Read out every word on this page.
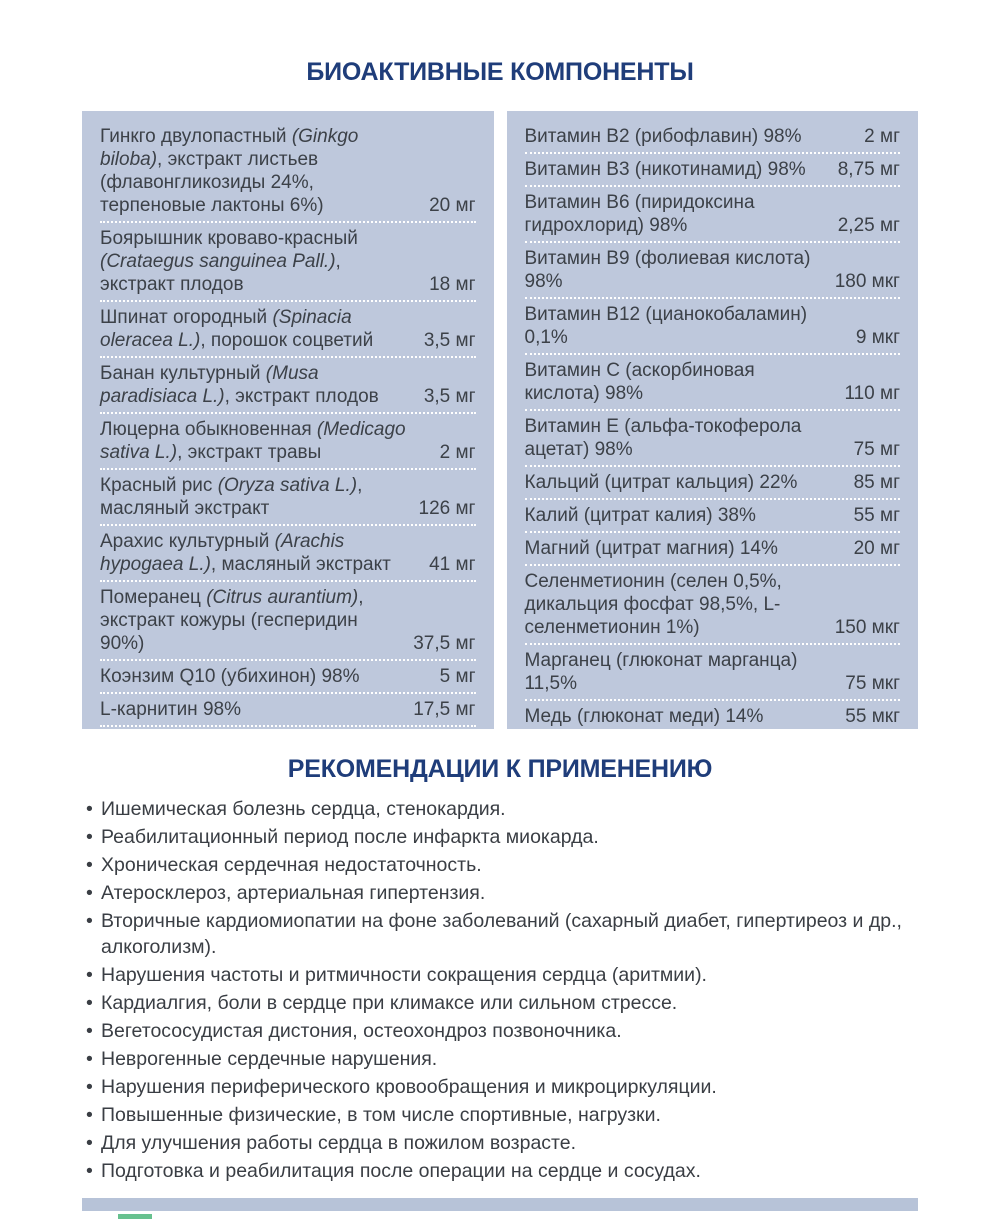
БИОАКТИВНЫЕ КОМПОНЕНТЫ
Гинкго двулопастный (Ginkgo biloba), экстракт листьев (флавонгликозиды 24%, терпеновые лактоны 6%)	20 мг
Боярышник кроваво-красный (Crataegus sanguinea Pall.), экстракт плодов	18 мг
Шпинат огородный (Spinacia oleracea L.), порошок соцветий	3,5 мг
Банан культурный (Musa paradisiaca L.), экстракт плодов	3,5 мг
Люцерна обыкновенная (Medicago sativa L.), экстракт травы	2 мг
Красный рис (Oryza sativa L.), масляный экстракт	126 мг
Арахис культурный (Arachis hypogaea L.), масляный экстракт	41 мг
Померанец (Citrus aurantium), экстракт кожуры (гесперидин 90%)	37,5 мг
Коэнзим Q10 (убихинон) 98%	5 мг
L-карнитин 98%	17,5 мг
Витамин B2 (рибофлавин) 98%	2 мг
Витамин B3 (никотинамид) 98%	8,75 мг
Витамин B6 (пиридоксина гидрохлорид) 98%	2,25 мг
Витамин B9 (фолиевая кислота) 98%	180 мкг
Витамин B12 (цианокобаламин) 0,1%	9 мкг
Витамин C (аскорбиновая кислота) 98%	110 мг
Витамин E (альфа-токоферола ацетат) 98%	75 мг
Кальций (цитрат кальция) 22%	85 мг
Калий (цитрат калия) 38%	55 мг
Магний (цитрат магния) 14%	20 мг
Селенметионин (селен 0,5%, дикальция фосфат 98,5%, L-селенметионин 1%)	150 мкг
Марганец (глюконат марганца) 11,5%	75 мкг
Медь (глюконат меди) 14%	55 мкг
РЕКОМЕНДАЦИИ К ПРИМЕНЕНИЮ
• Ишемическая болезнь сердца, стенокардия.
• Реабилитационный период после инфаркта миокарда.
• Хроническая сердечная недостаточность.
• Атеросклероз, артериальная гипертензия.
• Вторичные кардиомиопатии на фоне заболеваний (сахарный диабет, гипертиреоз и др., алкоголизм).
• Нарушения частоты и ритмичности сокращения сердца (аритмии).
• Кардиалгия, боли в сердце при климаксе или сильном стрессе.
• Вегетососудистая дистония, остеохондроз позвоночника.
• Неврогенные сердечные нарушения.
• Нарушения периферического кровообращения и микроциркуляции.
• Повышенные физические, в том числе спортивные, нагрузки.
• Для улучшения работы сердца в пожилом возрасте.
• Подготовка и реабилитация после операции на сердце и сосудах.
